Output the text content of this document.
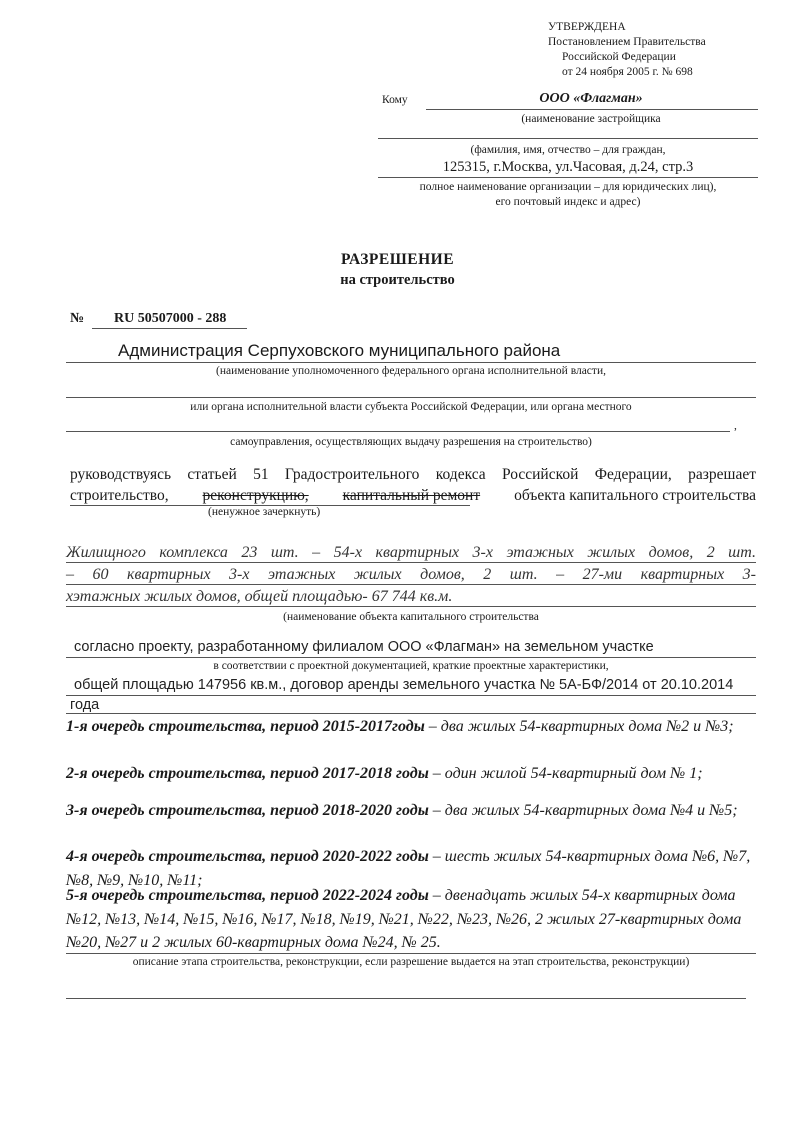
УТВЕРЖДЕНА
Постановлением Правительства
Российской Федерации
от 24 ноября 2005 г. № 698
Кому	ООО «Флагман»
(наименование застройщика
(фамилия, имя, отчество – для граждан,
125315, г.Москва, ул.Часовая, д.24, стр.3
полное наименование организации – для юридических лиц),
его почтовый индекс и адрес)
РАЗРЕШЕНИЕ
на строительство
№ RU 50507000 - 288
Администрация Серпуховского муниципального района
(наименование уполномоченного федерального органа исполнительной власти,
или органа исполнительной власти субъекта Российской Федерации, или органа местного
,
самоуправления, осуществляющих выдачу разрешения на строительство)
руководствуясь статьей 51 Градостроительного кодекса Российской Федерации, разрешает
строительство, реконструкцию, капитальный ремонт объекта капитального строительства
(ненужное зачеркнуть)
Жилищного комплекса 23 шт. – 54-х квартирных 3-х этажных жилых домов, 2 шт.
– 60 квартирных 3-х этажных жилых домов, 2 шт. – 27-ми квартирных 3-
хэтажных жилых домов, общей площадью- 67 744 кв.м.
(наименование объекта капитального строительства
согласно проекту, разработанному филиалом ООО «Флагман» на земельном участке
в соответствии с проектной документацией, краткие проектные характеристики,
общей площадью 147956 кв.м., договор аренды земельного участка № 5А-БФ/2014 от 20.10.2014
года
1-я очередь строительства, период 2015-2017годы – два жилых 54-квартирных дома №2 и №3;
2-я очередь строительства, период 2017-2018 годы – один жилой 54-квартирный дом № 1;
3-я очередь строительства, период 2018-2020 годы – два жилых 54-квартирных дома №4 и №5;
4-я очередь строительства, период 2020-2022 годы – шесть жилых 54-квартирных дома №6, №7, №8, №9, №10, №11;
5-я очередь строительства, период 2022-2024 годы – двенадцать жилых 54-х квартирных дома №12, №13, №14, №15, №16, №17, №18, №19, №21, №22, №23, №26, 2 жилых 27-квартирных дома №20, №27 и 2 жилых 60-квартирных дома №24, № 25.
описание этапа строительства, реконструкции, если разрешение выдается на этап строительства, реконструкции)
